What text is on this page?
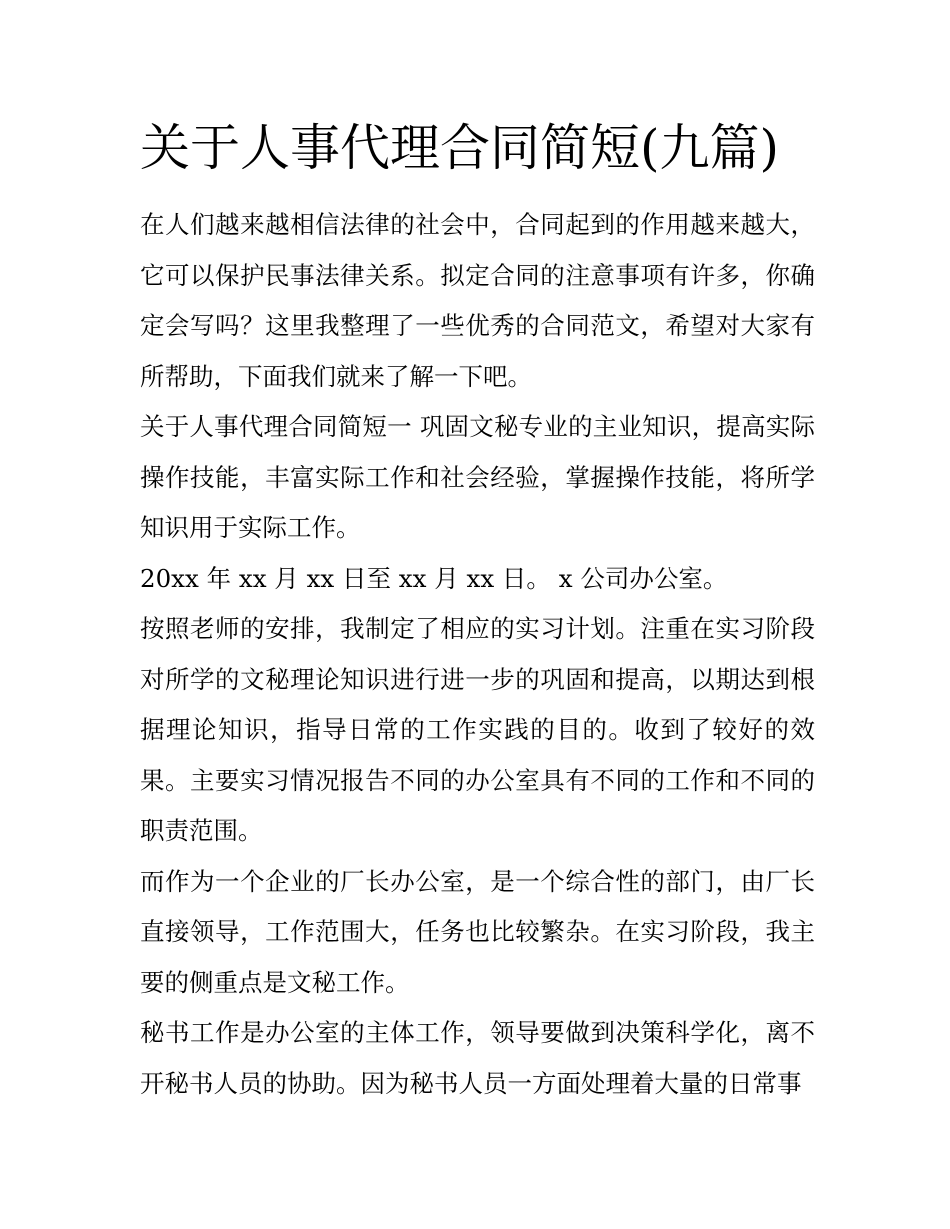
关于人事代理合同简短(九篇)

在人们越来越相信法律的社会中，合同起到的作用越来越大，它可以保护民事法律关系。拟定合同的注意事项有许多，你确定会写吗？这里我整理了一些优秀的合同范文，希望对大家有所帮助，下面我们就来了解一下吧。

关于人事代理合同简短一 巩固文秘专业的主业知识，提高实际操作技能，丰富实际工作和社会经验，掌握操作技能，将所学知识用于实际工作。

20xx 年 xx 月 xx 日至 xx 月 xx 日。 x 公司办公室。

按照老师的安排，我制定了相应的实习计划。注重在实习阶段对所学的文秘理论知识进行进一步的巩固和提高，以期达到根据理论知识，指导日常的工作实践的目的。收到了较好的效果。主要实习情况报告不同的办公室具有不同的工作和不同的职责范围。

而作为一个企业的厂长办公室，是一个综合性的部门，由厂长直接领导，工作范围大，任务也比较繁杂。在实习阶段，我主要的侧重点是文秘工作。

秘书工作是办公室的主体工作，领导要做到决策科学化，离不开秘书人员的协助。因为秘书人员一方面处理着大量的日常事
